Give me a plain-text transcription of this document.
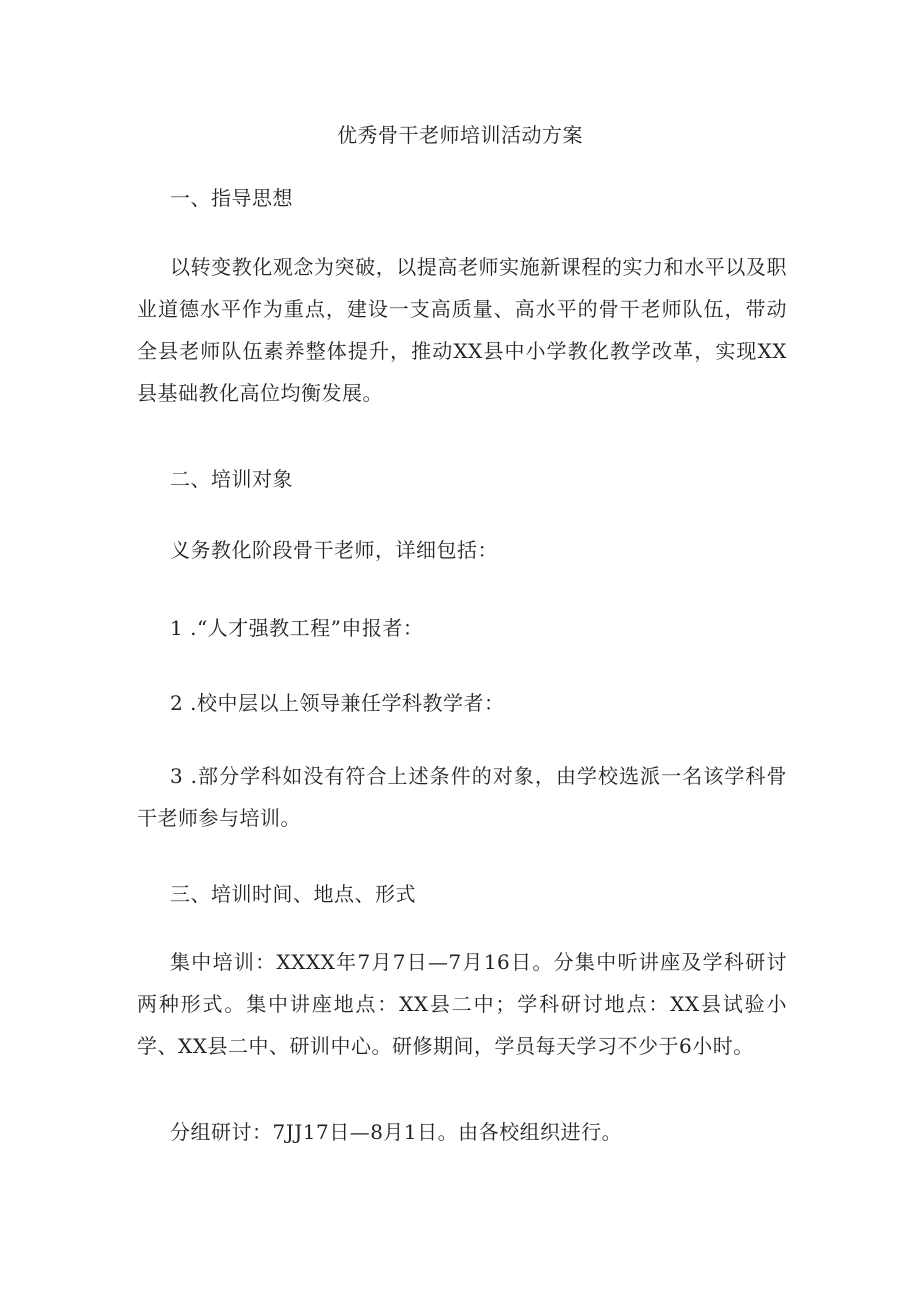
优秀骨干老师培训活动方案
一、指导思想
以转变教化观念为突破，以提高老师实施新课程的实力和水平以及职业道德水平作为重点，建设一支高质量、高水平的骨干老师队伍，带动全县老师队伍素养整体提升，推动XX县中小学教化教学改革，实现XX县基础教化高位均衡发展。
二、培训对象
义务教化阶段骨干老师，详细包括：
1 .“人才强教工程”申报者：
2 .校中层以上领导兼任学科教学者：
3 .部分学科如没有符合上述条件的对象，由学校选派一名该学科骨干老师参与培训。
三、培训时间、地点、形式
集中培训：XXXX年7月7日—7月16日。分集中听讲座及学科研讨两种形式。集中讲座地点：XX县二中；学科研讨地点：XX县试验小学、XX县二中、研训中心。研修期间，学员每天学习不少于6小时。
分组研讨：7JJ17日—8月1日。由各校组织进行。
